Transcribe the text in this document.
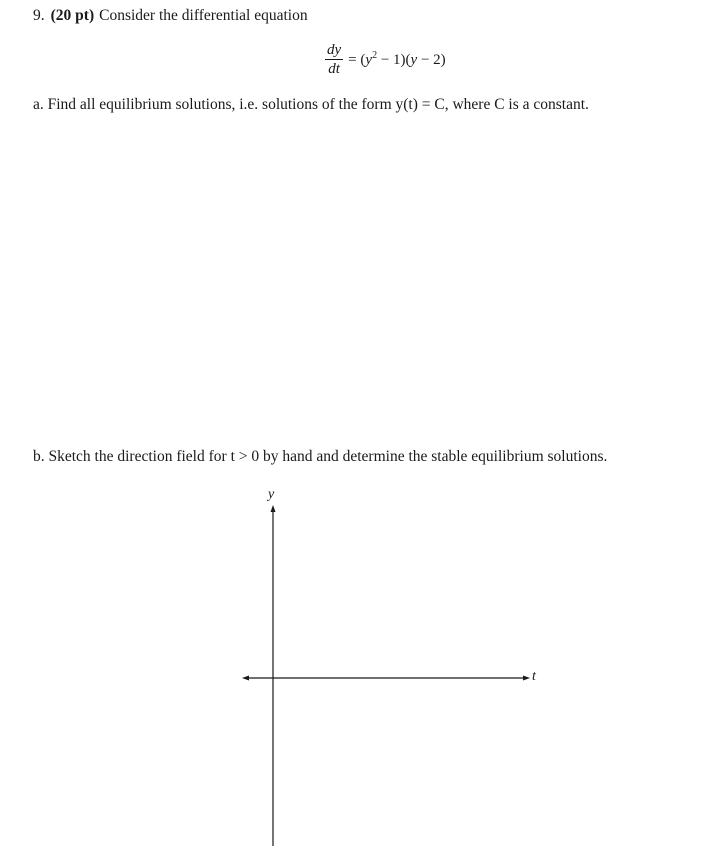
9. (20 pt) Consider the differential equation
$\frac{dy}{dt} = (y^2 - 1)(y - 2)$
a. Find all equilibrium solutions, i.e. solutions of the form y(t) = C, where C is a constant.
b. Sketch the direction field for t > 0 by hand and determine the stable equilibrium solutions.
y
t
